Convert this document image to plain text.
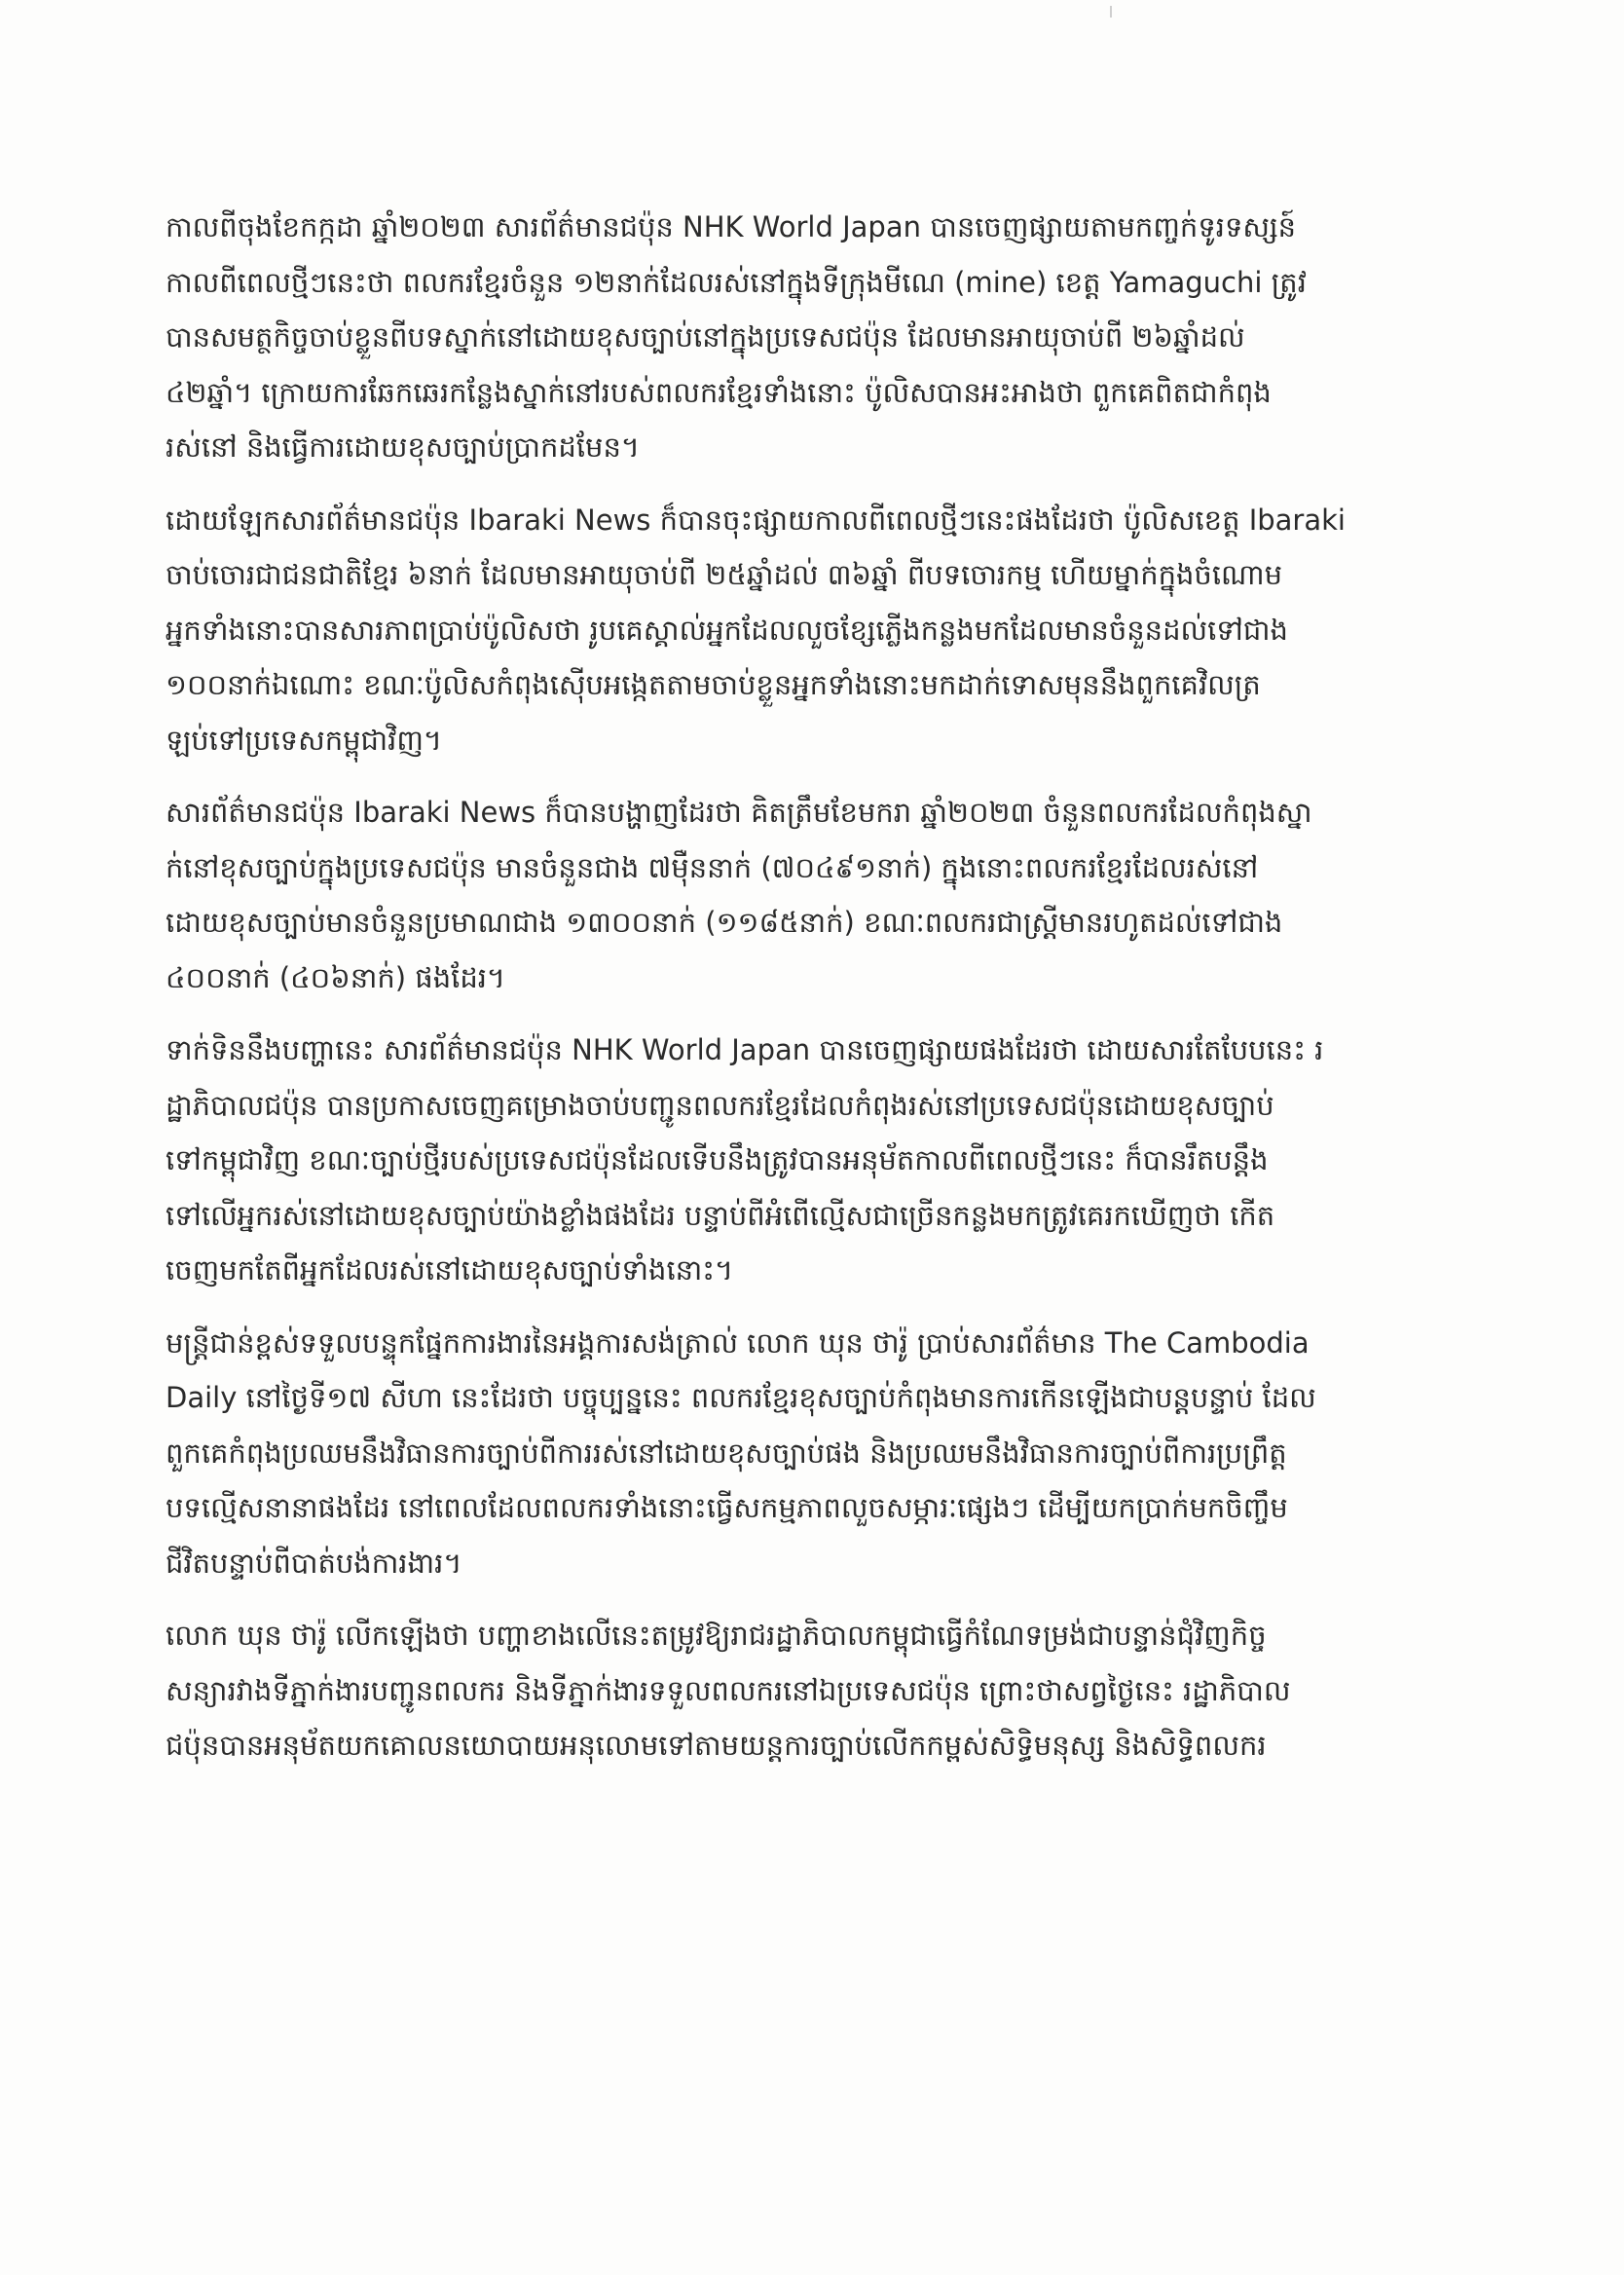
កាលពីចុងខែកក្កដា ឆ្នាំ២០២៣ សារព័ត៌មានជប៉ុន NHK World Japan បានចេញផ្សាយតាមកញ្ចក់ទូរទស្សន៍
កាលពីពេលថ្មីៗនេះថា ពលករខ្មែរចំនួន ១២នាក់ដែលរស់នៅក្នុងទីក្រុងមីណេ (mine) ខេត្ត Yamaguchi ត្រូវ
បានសមត្ថកិច្ចចាប់ខ្លួនពីបទស្នាក់នៅដោយខុសច្បាប់នៅក្នុងប្រទេសជប៉ុន ដែលមានអាយុចាប់ពី ២៦ឆ្នាំដល់
៤២ឆ្នាំ។ ក្រោយការឆែកឆេរកន្លែងស្នាក់នៅរបស់ពលករខ្មែរទាំងនោះ ប៉ូលិសបានអះអាងថា ពួកគេពិតជាកំពុង
រស់នៅ និងធ្វើការដោយខុសច្បាប់ប្រាកដមែន។
ដោយឡែកសារព័ត៌មានជប៉ុន Ibaraki News ក៏បានចុះផ្សាយកាលពីពេលថ្មីៗនេះផងដែរថា ប៉ូលិសខេត្ត Ibaraki
ចាប់ចោរជាជនជាតិខ្មែរ ៦នាក់ ដែលមានអាយុចាប់ពី ២៥ឆ្នាំដល់ ៣៦ឆ្នាំ ពីបទចោរកម្ម ហើយម្នាក់ក្នុងចំណោម
អ្នកទាំងនោះបានសារភាពប្រាប់ប៉ូលិសថា រូបគេស្គាល់អ្នកដែលលួចខ្សែភ្លើងកន្លងមកដែលមានចំនួនដល់ទៅជាង
១០០នាក់ឯណោះ ខណៈប៉ូលិសកំពុងស៊ើបអង្កេតតាមចាប់ខ្លួនអ្នកទាំងនោះមកដាក់ទោសមុននឹងពួកគេវិលត្រ
ឡប់ទៅប្រទេសកម្ពុជាវិញ។
សារព័ត៌មានជប៉ុន Ibaraki News ក៏បានបង្ហាញដែរថា គិតត្រឹមខែមករា ឆ្នាំ២០២៣ ចំនួនពលករដែលកំពុងស្នា
ក់នៅខុសច្បាប់ក្នុងប្រទេសជប៉ុន មានចំនួនជាង ៧ម៉ឺននាក់ (៧០៤៩១នាក់) ក្នុងនោះពលករខ្មែរដែលរស់នៅ
ដោយខុសច្បាប់មានចំនួនប្រមាណជាង ១៣០០នាក់ (១១៨៥នាក់) ខណៈពលករជាស្ត្រីមានរហូតដល់ទៅជាង
៤០០នាក់ (៤០៦នាក់) ផងដែរ។
ទាក់ទិននឹងបញ្ហានេះ សារព័ត៌មានជប៉ុន NHK World Japan បានចេញផ្សាយផងដែរថា ដោយសារតែបែបនេះ រ
ដ្ឋាភិបាលជប៉ុន បានប្រកាសចេញគម្រោងចាប់បញ្ជូនពលករខ្មែរដែលកំពុងរស់នៅប្រទេសជប៉ុនដោយខុសច្បាប់
ទៅកម្ពុជាវិញ ខណៈច្បាប់ថ្មីរបស់ប្រទេសជប៉ុនដែលទើបនឹងត្រូវបានអនុម័តកាលពីពេលថ្មីៗនេះ ក៏បានរឹតបន្តឹង
ទៅលើអ្នករស់នៅដោយខុសច្បាប់យ៉ាងខ្លាំងផងដែរ បន្ទាប់ពីអំពើល្មើសជាច្រើនកន្លងមកត្រូវគេរកឃើញថា កើត
ចេញមកតែពីអ្នកដែលរស់នៅដោយខុសច្បាប់ទាំងនោះ។
មន្ត្រីជាន់ខ្ពស់ទទួលបន្ទុកផ្នែកការងារនៃអង្គការសង់ត្រាល់ លោក ឃុន ថារ៉ូ ប្រាប់សារព័ត៌មាន The Cambodia
Daily នៅថ្ងៃទី១៧ សីហា នេះដែរថា បច្ចុប្បន្ននេះ ពលករខ្មែរខុសច្បាប់កំពុងមានការកើនឡើងជាបន្តបន្ទាប់ ដែល
ពួកគេកំពុងប្រឈមនឹងវិធានការច្បាប់ពីការរស់នៅដោយខុសច្បាប់ផង និងប្រឈមនឹងវិធានការច្បាប់ពីការប្រព្រឹត្ត
បទល្មើសនានាផងដែរ នៅពេលដែលពលករទាំងនោះធ្វើសកម្មភាពលួចសម្ភារៈផ្សេងៗ ដើម្បីយកប្រាក់មកចិញ្ចឹម
ជីវិតបន្ទាប់ពីបាត់បង់ការងារ។
លោក ឃុន ថារ៉ូ លើកឡើងថា បញ្ហាខាងលើនេះតម្រូវឱ្យរាជរដ្ឋាភិបាលកម្ពុជាធ្វើកំណែទម្រង់ជាបន្ទាន់ជុំវិញកិច្ច
សន្យារវាងទីភ្នាក់ងារបញ្ជូនពលករ និងទីភ្នាក់ងារទទួលពលករនៅឯប្រទេសជប៉ុន ព្រោះថាសព្វថ្ងៃនេះ រដ្ឋាភិបាល
ជប៉ុនបានអនុម័តយកគោលនយោបាយអនុលោមទៅតាមយន្តការច្បាប់លើកកម្ពស់សិទ្ធិមនុស្ស និងសិទ្ធិពលករ
